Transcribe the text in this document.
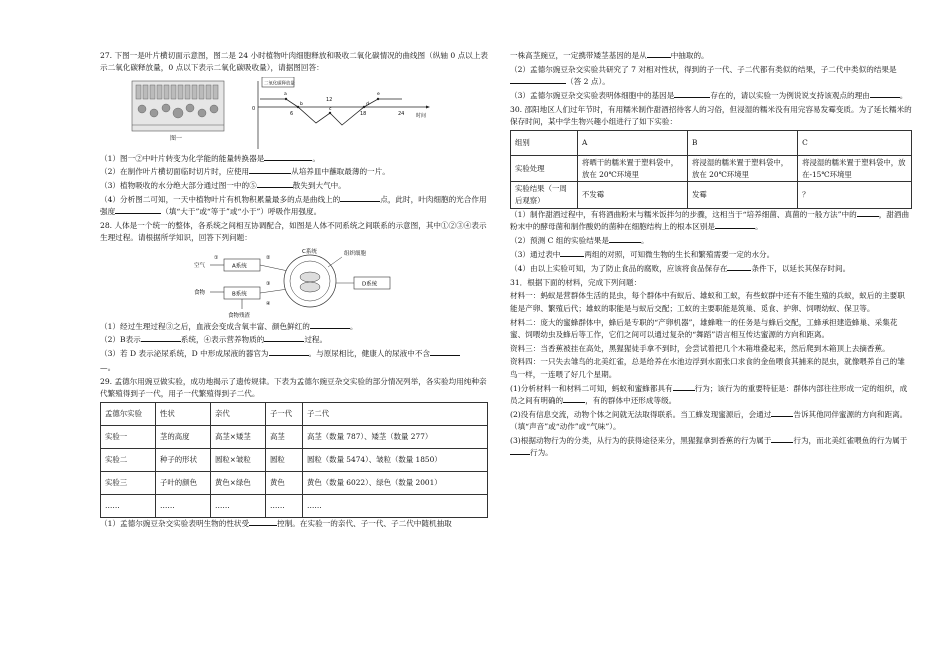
27. 下图一是叶片横切面示意图，图二是 24 小时植物叶肉细胞释放和吸收二氧化碳情况的曲线图（纵轴 0 点以上表示二氧化碳释放量，0 点以下表示二氧化碳吸收量），请据图回答：

图一
二氧化碳释放量
时间
0
6
12
18	24
a
b
c
d
e

（1）图一②中叶片转变为化学能的能量转换器是	。

（2）在制作叶片横切面临时切片时，应使用	从培养皿中蘸取最薄的一片。

（3）植物吸收的水分绝大部分通过图一中的⑤	散失到大气中。

（4）分析图二可知，一天中植物叶片有机物积累量最多的点是曲线上的	点，此时，叶肉细胞的光合作用强度	（填“大于”或“等于”或“小于”）呼吸作用强度。

28. 人体是一个统一的整体，各系统之间相互协调配合，如图是人体不同系统之间联系的示意图，其中①②③④表示生理过程。请根据所学知识，回答下列问题：

空气
食物
A系统
B系统
①	②
③
④
食物残渣
C系统	组织细胞
D系统

（1）经过生理过程③之后，血液会变成含氧丰富、颜色鲜红的	。

（2）B表示	系统，④表示营养物质的	过程。

（3）若 D 表示泌尿系统，D 中形成尿液的器官为	。与原尿相比，健康人的尿液中不含

—。

29. 孟德尔用豌豆做实验，成功地揭示了遗传规律。下表为孟德尔豌豆杂交实验的部分情况列举，各实验均用纯种亲代繁殖得到子一代，用子一代繁殖得到子二代。

孟德尔实验	性状	亲代	子一代	子二代
实验一	茎的高度	高茎×矮茎	高茎	高茎（数量 787）、矮茎（数量 277）
实验二	种子的形状	圆粒×皱粒	圆粒	圆粒（数量 5474）、皱粒（数量 1850）
实验三	子叶的颜色	黄色×绿色	黄色	黄色（数量 6022）、绿色（数量 2001）
……	……	……	……	……

（1）孟德尔豌豆杂交实验表明生物的性状受	控制。在实验一的亲代、子一代、子二代中随机抽取

一株高茎豌豆，一定携带矮茎基因的是从	中抽取的。

（2）孟德尔豌豆杂交实验共研究了 7 对相对性状，得到的子一代、子二代都有类似的结果，子二代中类似的结果是（答 2 点）。

（3）孟德尔豌豆杂交实验表明体细胞中的基因是	存在的，请以实验一为例说说支持该观点的理由	。

30. 邵阳地区人们过年节时，有用糯米制作甜酒招待客人的习俗，但浸湿的糯米没有用完容易发霉变质。为了延长糯米的保存时间，某中学生物兴趣小组进行了如下实验：

组别	A	B	C
实验处理	将晒干的糯米置于塑料袋中，放在 20℃环境里	将浸湿的糯米置于塑料袋中，放在 20℃环境里	将浸湿的糯米置于塑料袋中，放在-15℃环境里
实验结果（一周后观察）	不发霉	发霉	？

（1）制作甜酒过程中，有将酒曲粉末与糯米饭拌匀的步骤，这相当于“培养细菌、真菌的一般方法”中的	，甜酒曲粉末中的酵母菌和制作酸奶的菌种在细胞结构上的根本区别是	。

（2）预测 C 组的实验结果是	。

（3）通过表中	两组的对照，可知微生物的生长和繁殖需要一定的水分。

（4）由以上实验可知，为了防止食品的腐败，应该将食品保存在	条件下，以延长其保存时间。

31．根据下面的材料，完成下列问题：

材料一：蚂蚁是营群体生活的昆虫，每个群体中有蚁后、雄蚁和工蚁，有些蚁群中还有不能生殖的兵蚁，蚁后的主要职能是产卵、繁殖后代；雄蚁的职能是与蚁后交配；工蚁的主要职能是筑巢、觅食、护卵、饲喂幼蚁、保卫等。

材料二：庞大的蜜蜂群体中，蜂后是专职的“产卵机器”，雄蜂唯一的任务是与蜂后交配，工蜂承担建造蜂巢、采集花蜜、饲喂幼虫及蜂后等工作，它们之间可以通过复杂的“舞蹈”语言相互传达蜜源的方向和距离。

资料三：当香蕉被挂在高处，黑猩猩徒手拿不到时，会尝试着把几个木箱堆叠起来，然后爬到木箱顶上去摘香蕉。

资料四：一只失去雏鸟的北美红雀，总是给养在水池边浮到水面张口求食的金鱼喂食其捕来的昆虫，就像喂养自己的雏鸟一样，一连喂了好几个星期。

(1)分析材料一和材料二可知，蚂蚁和蜜蜂都具有	行为；该行为的重要特征是：群体内部往往形成一定的组织，成员之间有明确的	，有的群体中还形成等级。

(2)没有信息交流，动物个体之间就无法取得联系。当工蜂发现蜜源后，会通过	告诉其他同伴蜜源的方向和距离。（填“声音”或“动作”或“气味”）。

(3)根据动物行为的分类，从行为的获得途径来分，黑猩猩拿到香蕉的行为属于	行为，而北美红雀喂鱼的行为属于行为。
